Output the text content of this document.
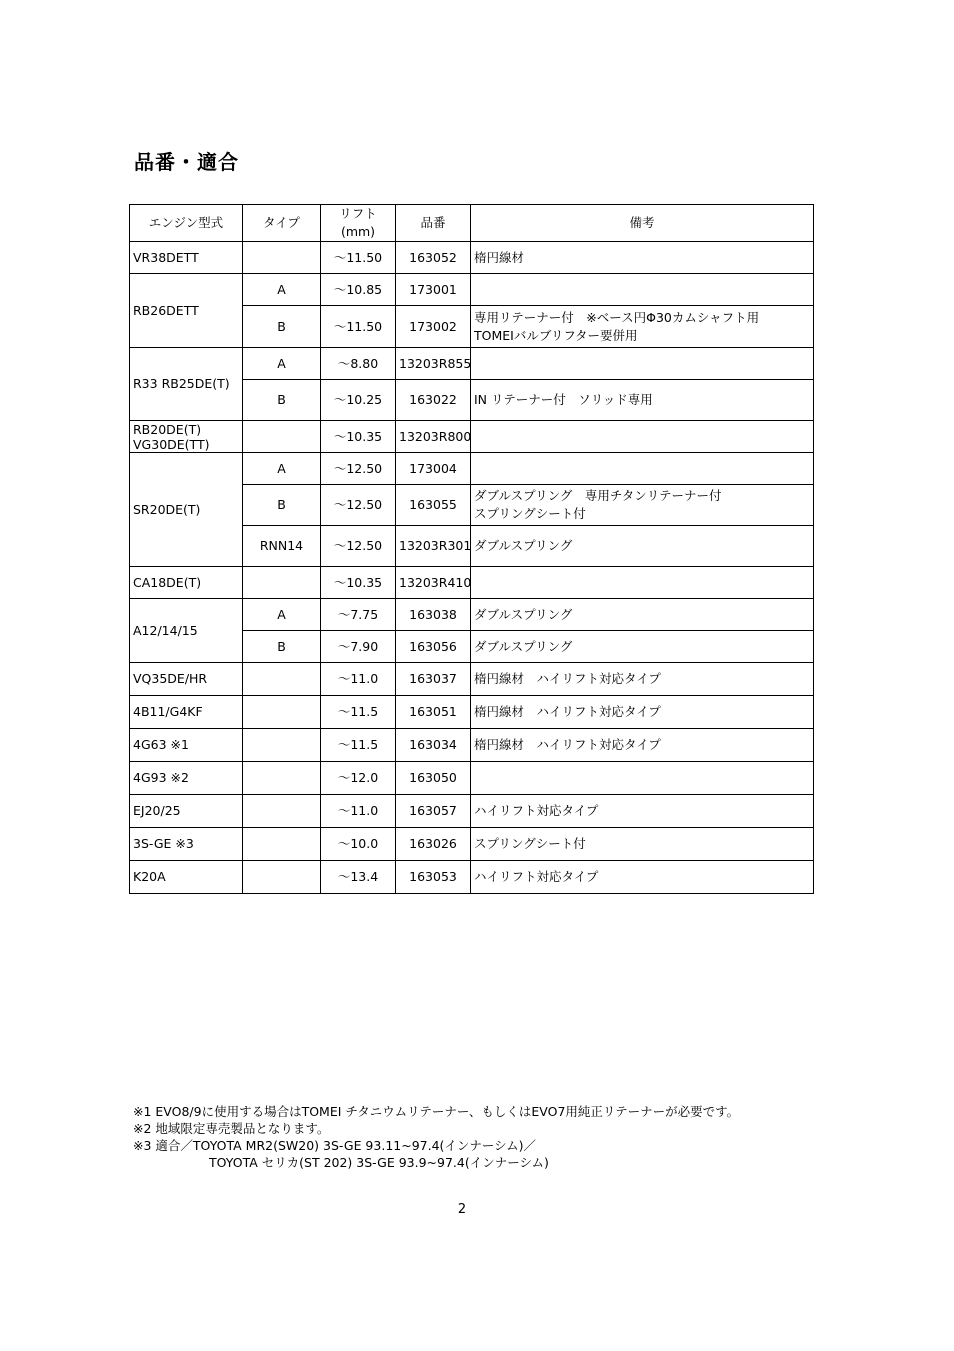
品番・適合
エンジン型式	タイプ	リフト(mm)	品番	備考
VR38DETT		～11.50	163052	楕円線材
RB26DETT	A	～10.85	173001	
	B	～11.50	173002	専用リテーナー付　※ベース円Φ30カムシャフト用
TOMEIバルブリフター要併用

R33 RB25DE(T)	A	～8.80	13203R855	
	B	～10.25	163022	IN リテーナー付　ソリッド専用

RB20DE(T)
VG30DE(TT)		～10.35	13203R800	
SR20DE(T)	A	～12.50	173004	
	B	～12.50	163055	ダブルスプリング　専用チタンリテーナー付
スプリングシート付

	RNN14	～12.50	13203R301	ダブルスプリング
CA18DE(T)		～10.35	13203R410	
A12/14/15	A	～7.75	163038	ダブルスプリング
	B	～7.90	163056	ダブルスプリング
VQ35DE/HR		～11.0	163037	楕円線材　ハイリフト対応タイプ
4B11/G4KF		～11.5	163051	楕円線材　ハイリフト対応タイプ
4G63 ※1		～11.5	163034	楕円線材　ハイリフト対応タイプ
4G93 ※2		～12.0	163050	
EJ20/25		～11.0	163057	ハイリフト対応タイプ
3S-GE ※3		～10.0	163026	スプリングシート付
K20A		～13.4	163053	ハイリフト対応タイプ
※1 EVO8/9に使用する場合はTOMEI チタニウムリテーナー、もしくはEVO7用純正リテーナーが必要です。
※2 地域限定専売製品となります。
※3 適合／TOYOTA MR2(SW20) 3S-GE 93.11~97.4(インナーシム)／
TOYOTA セリカ(ST 202) 3S-GE 93.9~97.4(インナーシム)
2
